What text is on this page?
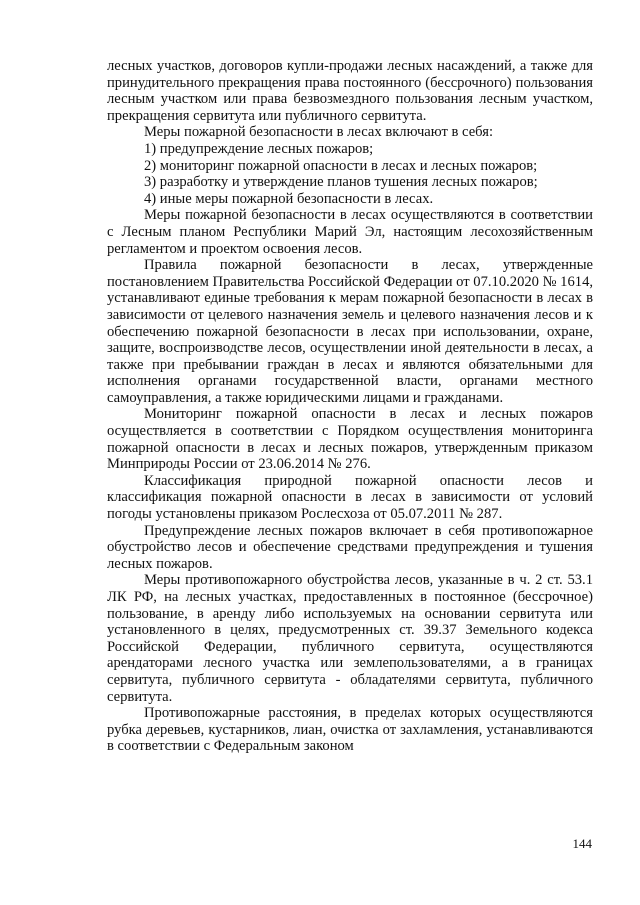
лесных участков, договоров купли-продажи лесных насаждений, а также для принудительного прекращения права постоянного (бессрочного) пользования лесным участком или права безвозмездного пользования лесным участком, прекращения сервитута или публичного сервитута.

Меры пожарной безопасности в лесах включают в себя:

1) предупреждение лесных пожаров;

2) мониторинг пожарной опасности в лесах и лесных пожаров;

3) разработку и утверждение планов тушения лесных пожаров;

4) иные меры пожарной безопасности в лесах.

Меры пожарной безопасности в лесах осуществляются в соответствии с Лесным планом Республики Марий Эл, настоящим лесохозяйственным регламентом и проектом освоения лесов.

Правила пожарной безопасности в лесах, утвержденные постановлением Правительства Российской Федерации от 07.10.2020 № 1614, устанавливают единые требования к мерам пожарной безопасности в лесах в зависимости от целевого назначения земель и целевого назначения лесов и к обеспечению пожарной безопасности в лесах при использовании, охране, защите, воспроизводстве лесов, осуществлении иной деятельности в лесах, а также при пребывании граждан в лесах и являются обязательными для исполнения органами государственной власти, органами местного самоуправления, а также юридическими лицами и гражданами.

Мониторинг пожарной опасности в лесах и лесных пожаров осуществляется в соответствии с Порядком осуществления мониторинга пожарной опасности в лесах и лесных пожаров, утвержденным приказом Минприроды России от 23.06.2014 № 276.

Классификация природной пожарной опасности лесов и классификация пожарной опасности в лесах в зависимости от условий погоды установлены приказом Рослесхоза от 05.07.2011 № 287.

Предупреждение лесных пожаров включает в себя противопожарное обустройство лесов и обеспечение средствами предупреждения и тушения лесных пожаров.

Меры противопожарного обустройства лесов, указанные в ч. 2 ст. 53.1 ЛК РФ, на лесных участках, предоставленных в постоянное (бессрочное) пользование, в аренду либо используемых на основании сервитута или установленного в целях, предусмотренных ст. 39.37 Земельного кодекса Российской Федерации, публичного сервитута, осуществляются арендаторами лесного участка или землепользователями, а в границах сервитута, публичного сервитута - обладателями сервитута, публичного сервитута.

Противопожарные расстояния, в пределах которых осуществляются рубка деревьев, кустарников, лиан, очистка от захламления, устанавливаются в соответствии с Федеральным законом

144
